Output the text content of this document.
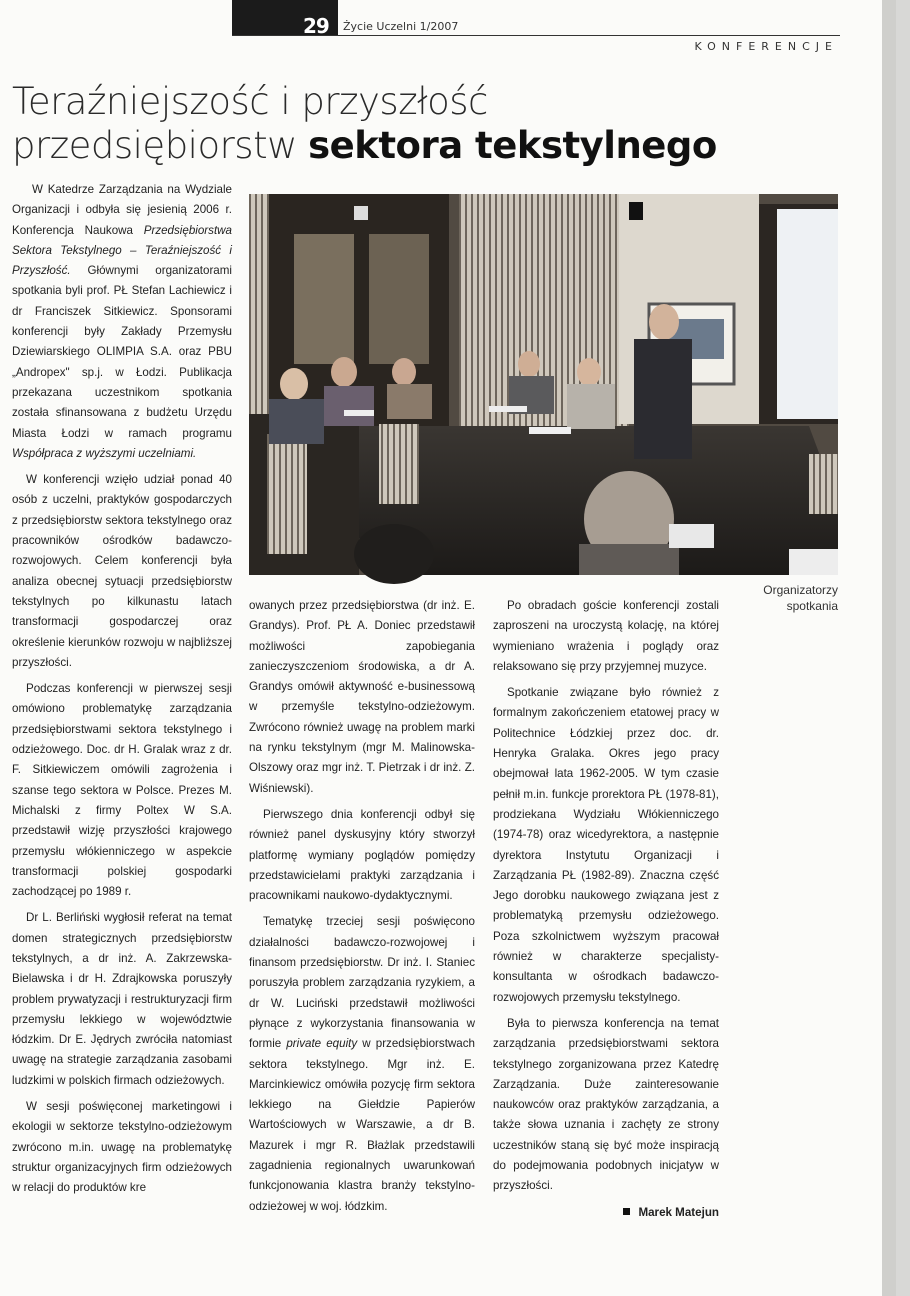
29 Życie Uczelni 1/2007
KONFERENCJE
Teraźniejszość i przyszłość
przedsiębiorstw sektora tekstylnego

W Katedrze Zarządzania na Wydziale Organizacji i odbyła się jesienią 2006 r. Konferencja Naukowa Przedsiębiorstwa Sektora Tekstylnego – Teraźniejszość i Przyszłość. Głównymi organizatorami spotkania byli prof. PŁ Stefan Lachiewicz i dr Franciszek Sitkiewicz. Sponsorami konferencji były Zakłady Przemysłu Dziewiarskiego OLIMPIA S.A. oraz PBU „Andropex" sp.j. w Łodzi. Publikacja przekazana uczestnikom spotkania została sfinansowana z budżetu Urzędu Miasta Łodzi w ramach programu Współpraca z wyższymi uczelniami.

W konferencji wzięło udział ponad 40 osób z uczelni, praktyków gospodarczych z przedsiębiorstw sektora tekstylnego oraz pracowników ośrodków badawczo-rozwojowych. Celem konferencji była analiza obecnej sytuacji przedsiębiorstw tekstylnych po kilkunastu latach transformacji gospodarczej oraz określenie kierunków rozwoju w najbliższej przyszłości.

Podczas konferencji w pierwszej sesji omówiono problematykę zarządzania przedsiębiorstwami sektora tekstylnego i odzieżowego. Doc. dr H. Gralak wraz z dr. F. Sitkiewiczem omówili zagrożenia i szanse tego sektora w Polsce. Prezes M. Michalski z firmy Poltex W S.A. przedstawił wizję przyszłości krajowego przemysłu włókienniczego w aspekcie transformacji polskiej gospodarki zachodzącej po 1989 r.

Dr L. Berliński wygłosił referat na temat domen strategicznych przedsiębiorstw tekstylnych, a dr inż. A. Zakrzewska-Bielawska i dr H. Zdrajkowska poruszyły problem prywatyzacji i restrukturyzacji firm przemysłu lekkiego w województwie łódzkim. Dr E. Jędrych zwróciła natomiast uwagę na strategie zarządzania zasobami ludzkimi w polskich firmach odzieżowych.

W sesji poświęconej marketingowi i ekologii w sektorze tekstylno-odzieżowym zwrócono m.in. uwagę na problematykę struktur organizacyjnych firm odzieżowych w relacji do produktów kre

Organizatorzy spotkania

owanych przez przedsiębiorstwa (dr inż. E. Grandys). Prof. PŁ A. Doniec przedstawił możliwości zapobiegania zanieczyszczeniom środowiska, a dr A. Grandys omówił aktywność e-businessową w przemyśle tekstylno-odzieżowym. Zwrócono również uwagę na problem marki na rynku tekstylnym (mgr M. Malinowska-Olszowy oraz mgr inż. T. Pietrzak i dr inż. Z. Wiśniewski).

Pierwszego dnia konferencji odbył się również panel dyskusyjny który stworzył platformę wymiany poglądów pomiędzy przedstawicielami praktyki zarządzania i pracownikami naukowo-dydaktycznymi.

Tematykę trzeciej sesji poświęcono działalności badawczo-rozwojowej i finansom przedsiębiorstw. Dr inż. I. Staniec poruszyła problem zarządzania ryzykiem, a dr W. Luciński przedstawił możliwości płynące z wykorzystania finansowania w formie private equity w przedsiębiorstwach sektora tekstylnego. Mgr inż. E. Marcinkiewicz omówiła pozycję firm sektora lekkiego na Giełdzie Papierów Wartościowych w Warszawie, a dr B. Mazurek i mgr R. Błażlak przedstawili zagadnienia regionalnych uwarunkowań funkcjonowania klastra branży tekstylno-odzieżowej w woj. łódzkim.

Po obradach goście konferencji zostali zaproszeni na uroczystą kolację, na której wymieniano wrażenia i poglądy oraz relaksowano się przy przyjemnej muzyce.

Spotkanie związane było również z formalnym zakończeniem etatowej pracy w Politechnice Łódzkiej przez doc. dr. Henryka Gralaka. Okres jego pracy obejmował lata 1962-2005. W tym czasie pełnił m.in. funkcje prorektora PŁ (1978-81), prodziekana Wydziału Włókienniczego (1974-78) oraz wicedyrektora, a następnie dyrektora Instytutu Organizacji i Zarządzania PŁ (1982-89). Znaczna część Jego dorobku naukowego związana jest z problematyką przemysłu odzieżowego. Poza szkolnictwem wyższym pracował również w charakterze specjalisty-konsultanta w ośrodkach badawczo-rozwojowych przemysłu tekstylnego.

Była to pierwsza konferencja na temat zarządzania przedsiębiorstwami sektora tekstylnego zorganizowana przez Katedrę Zarządzania. Duże zainteresowanie naukowców oraz praktyków zarządzania, a także słowa uznania i zachęty ze strony uczestników staną się być może inspiracją do podejmowania podobnych inicjatyw w przyszłości.

Marek Matejun
